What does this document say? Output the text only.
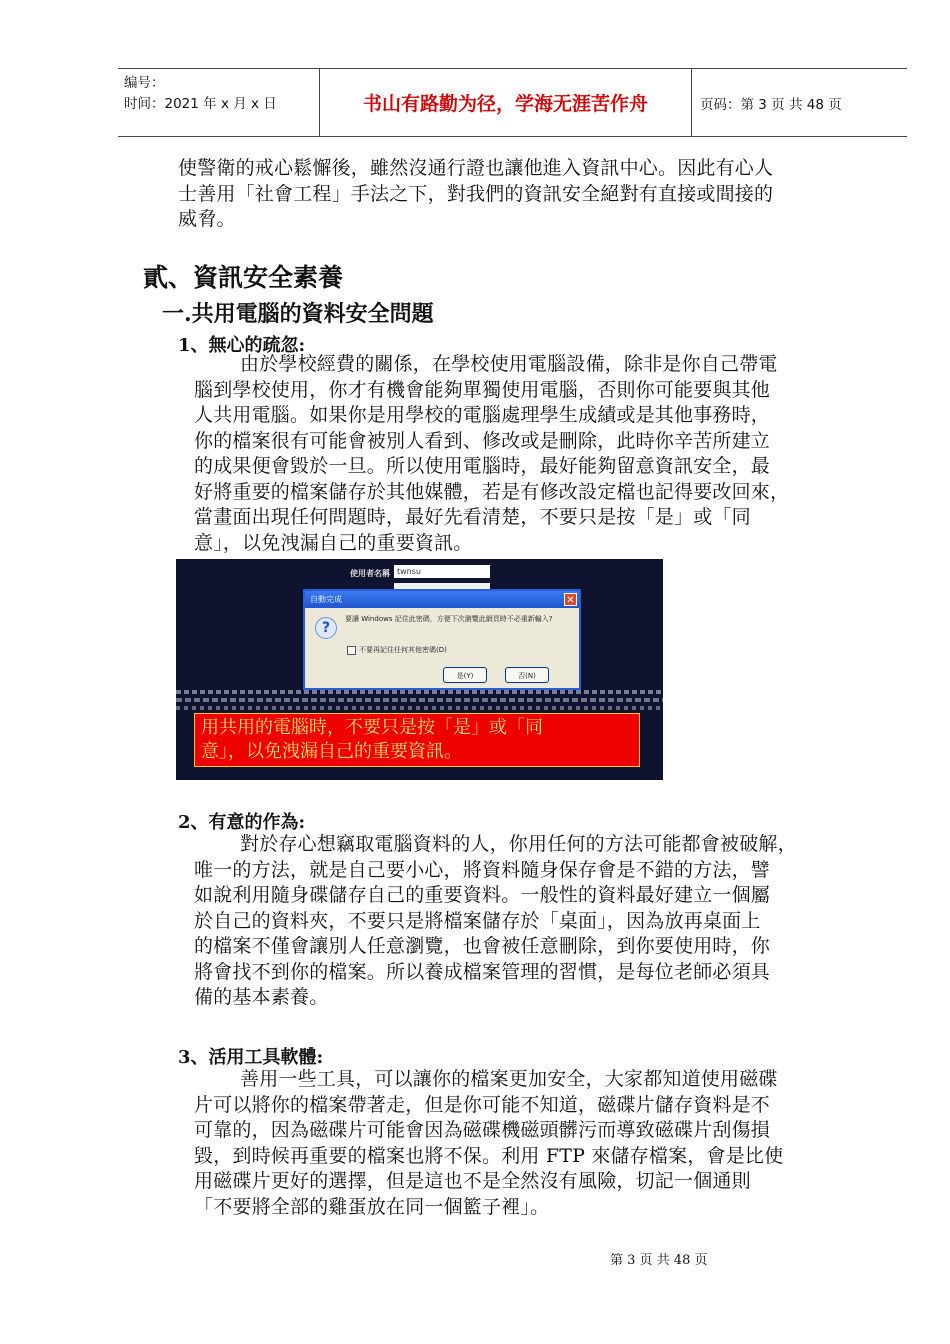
编号：
时间：2021 年 x 月 x 日	书山有路勤为径，学海无涯苦作舟	页码：第 3 页 共 48 页
使警衛的戒心鬆懈後，雖然沒通行證也讓他進入資訊中心。因此有心人
士善用「社會工程」手法之下，對我們的資訊安全絕對有直接或間接的
威脅。
貳、資訊安全素養
一.共用電腦的資料安全問題
1、無心的疏忽:
由於學校經費的關係，在學校使用電腦設備，除非是你自己帶電
腦到學校使用，你才有機會能夠單獨使用電腦，否則你可能要與其他
人共用電腦。如果你是用學校的電腦處理學生成績或是其他事務時，
你的檔案很有可能會被別人看到、修改或是刪除，此時你辛苦所建立
的成果便會毀於一旦。所以使用電腦時，最好能夠留意資訊安全，最
好將重要的檔案儲存於其他媒體，若是有修改設定檔也記得要改回來，
當畫面出現任何問題時，最好先看清楚，不要只是按「是」或「同
意」，以免洩漏自己的重要資訊。
使用者名稱 twnsu
自動完成	✕
?
要讓 Windows 記住此密碼，方便下次瀏覽此網頁時不必重新輸入?
不要再記住任何其他密碼(D)
是(Y)	否(N)
用共用的電腦時，不要只是按「是」或「同
意」，以免洩漏自己的重要資訊。
2、有意的作為:
對於存心想竊取電腦資料的人，你用任何的方法可能都會被破解，
唯一的方法，就是自己要小心，將資料隨身保存會是不錯的方法，譬
如說利用隨身碟儲存自己的重要資料。一般性的資料最好建立一個屬
於自己的資料夾，不要只是將檔案儲存於「桌面」，因為放再桌面上
的檔案不僅會讓別人任意瀏覽，也會被任意刪除，到你要使用時，你
將會找不到你的檔案。所以養成檔案管理的習慣，是每位老師必須具
備的基本素養。
3、活用工具軟體:
善用一些工具，可以讓你的檔案更加安全，大家都知道使用磁碟
片可以將你的檔案帶著走，但是你可能不知道，磁碟片儲存資料是不
可靠的，因為磁碟片可能會因為磁碟機磁頭髒污而導致磁碟片刮傷損
毀，到時候再重要的檔案也將不保。利用 FTP 來儲存檔案，會是比使
用磁碟片更好的選擇，但是這也不是全然沒有風險，切記一個通則
「不要將全部的雞蛋放在同一個籃子裡」。
第 3 页 共 48 页
